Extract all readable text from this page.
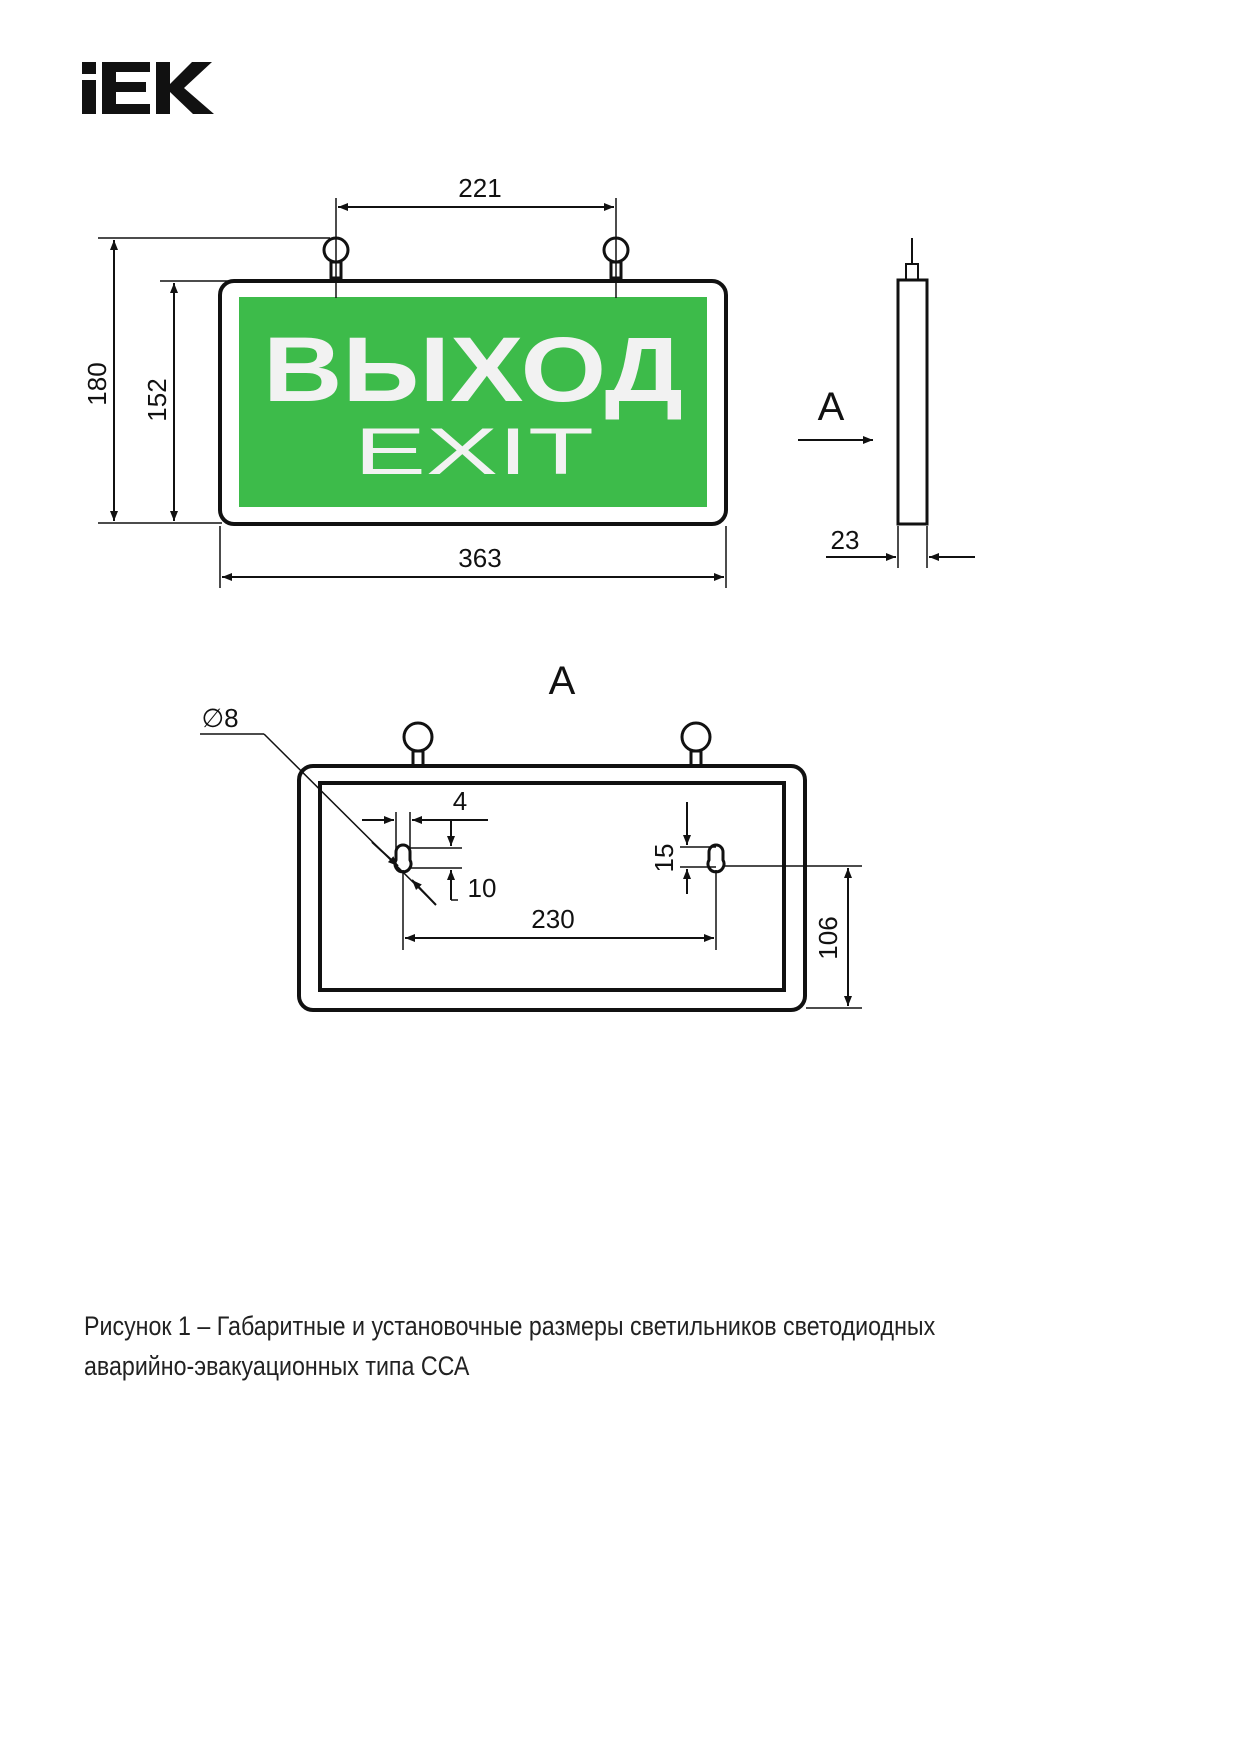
ВЫХОД
EXIT
221
180 152
363
A
23
A
∅8
4
10
15
230	106
Рисунок 1 – Габаритные и установочные размеры светильников светодиодных
аварийно-эвакуационных типа ССА
